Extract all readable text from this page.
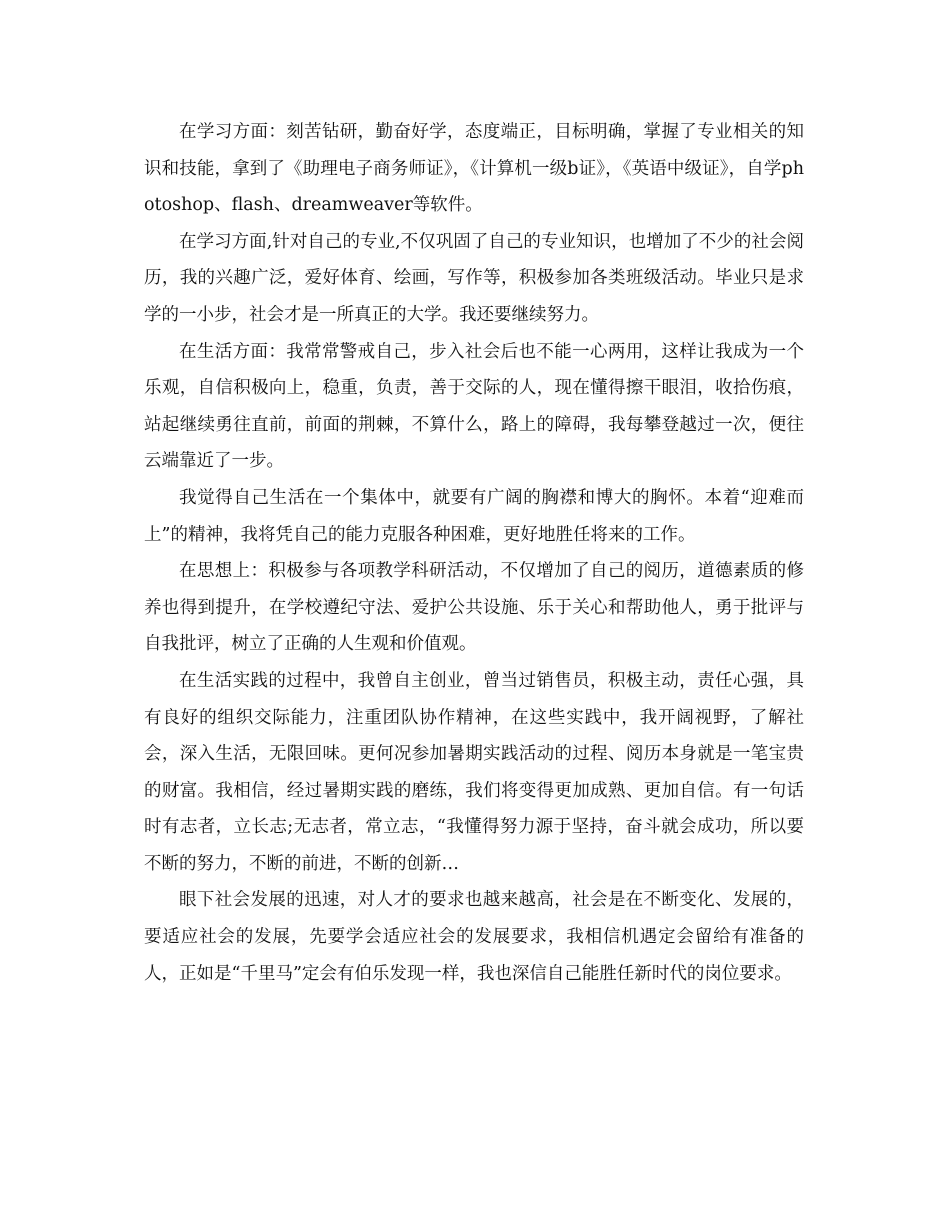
在学习方面：刻苦钻研，勤奋好学，态度端正，目标明确，掌握了专业相关的知识和技能，拿到了《助理电子商务师证》，《计算机一级b证》，《英语中级证》，自学photoshop、flash、dreamweaver等软件。

在学习方面,针对自己的专业,不仅巩固了自己的专业知识，也增加了不少的社会阅历，我的兴趣广泛，爱好体育、绘画，写作等，积极参加各类班级活动。毕业只是求学的一小步，社会才是一所真正的大学。我还要继续努力。

在生活方面：我常常警戒自己，步入社会后也不能一心两用，这样让我成为一个乐观，自信积极向上，稳重，负责，善于交际的人，现在懂得擦干眼泪，收拾伤痕，站起继续勇往直前，前面的荆棘，不算什么，路上的障碍，我每攀登越过一次，便往云端靠近了一步。

我觉得自己生活在一个集体中，就要有广阔的胸襟和博大的胸怀。本着“迎难而上”的精神，我将凭自己的能力克服各种困难，更好地胜任将来的工作。

在思想上：积极参与各项教学科研活动，不仅增加了自己的阅历，道德素质的修养也得到提升，在学校遵纪守法、爱护公共设施、乐于关心和帮助他人，勇于批评与自我批评，树立了正确的人生观和价值观。

在生活实践的过程中，我曾自主创业，曾当过销售员，积极主动，责任心强，具有良好的组织交际能力，注重团队协作精神，在这些实践中，我开阔视野，了解社会，深入生活，无限回味。更何况参加暑期实践活动的过程、阅历本身就是一笔宝贵的财富。我相信，经过暑期实践的磨练，我们将变得更加成熟、更加自信。有一句话时有志者，立长志;无志者，常立志，“我懂得努力源于坚持，奋斗就会成功，所以要不断的努力，不断的前进，不断的创新…

眼下社会发展的迅速，对人才的要求也越来越高，社会是在不断变化、发展的，要适应社会的发展，先要学会适应社会的发展要求，我相信机遇定会留给有准备的人，正如是“千里马”定会有伯乐发现一样，我也深信自己能胜任新时代的岗位要求。
